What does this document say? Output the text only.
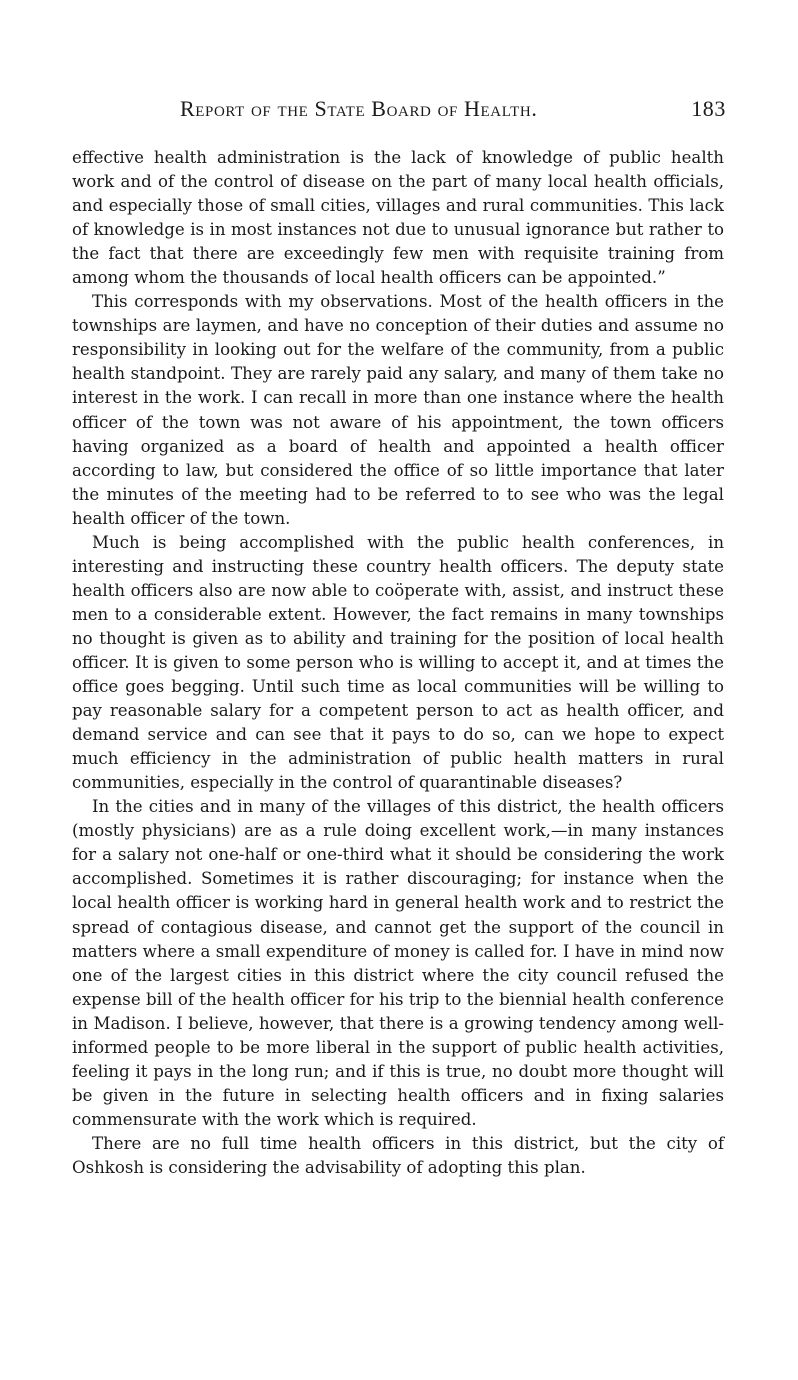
Report of the State Board of Health.	183

effective health administration is the lack of knowledge of public health work and of the control of disease on the part of many local health officials, and especially those of small cities, villages and rural communities. This lack of knowledge is in most instances not due to unusual ignorance but rather to the fact that there are exceedingly few men with requisite training from among whom the thousands of local health officers can be appointed.”

This corresponds with my observations. Most of the health officers in the townships are laymen, and have no conception of their duties and assume no responsibility in looking out for the welfare of the community, from a public health standpoint. They are rarely paid any salary, and many of them take no interest in the work. I can recall in more than one instance where the health officer of the town was not aware of his appointment, the town officers having organized as a board of health and appointed a health officer according to law, but considered the office of so little importance that later the minutes of the meeting had to be referred to to see who was the legal health officer of the town.

Much is being accomplished with the public health conferences, in interesting and instructing these country health officers. The deputy state health officers also are now able to coöperate with, assist, and instruct these men to a considerable extent. However, the fact remains in many townships no thought is given as to ability and training for the position of local health officer. It is given to some person who is willing to accept it, and at times the office goes begging. Until such time as local communities will be willing to pay reasonable salary for a competent person to act as health officer, and demand service and can see that it pays to do so, can we hope to expect much efficiency in the administration of public health matters in rural communities, especially in the control of quarantinable diseases?

In the cities and in many of the villages of this district, the health officers (mostly physicians) are as a rule doing excellent work,—in many instances for a salary not one-half or one-third what it should be considering the work accomplished. Sometimes it is rather discouraging; for instance when the local health officer is working hard in general health work and to restrict the spread of contagious disease, and cannot get the support of the council in matters where a small expenditure of money is called for. I have in mind now one of the largest cities in this district where the city council refused the expense bill of the health officer for his trip to the biennial health conference in Madison. I believe, however, that there is a growing tendency among well-informed people to be more liberal in the support of public health activities, feeling it pays in the long run; and if this is true, no doubt more thought will be given in the future in selecting health officers and in fixing salaries commensurate with the work which is required.

There are no full time health officers in this district, but the city of Oshkosh is considering the advisability of adopting this plan.
